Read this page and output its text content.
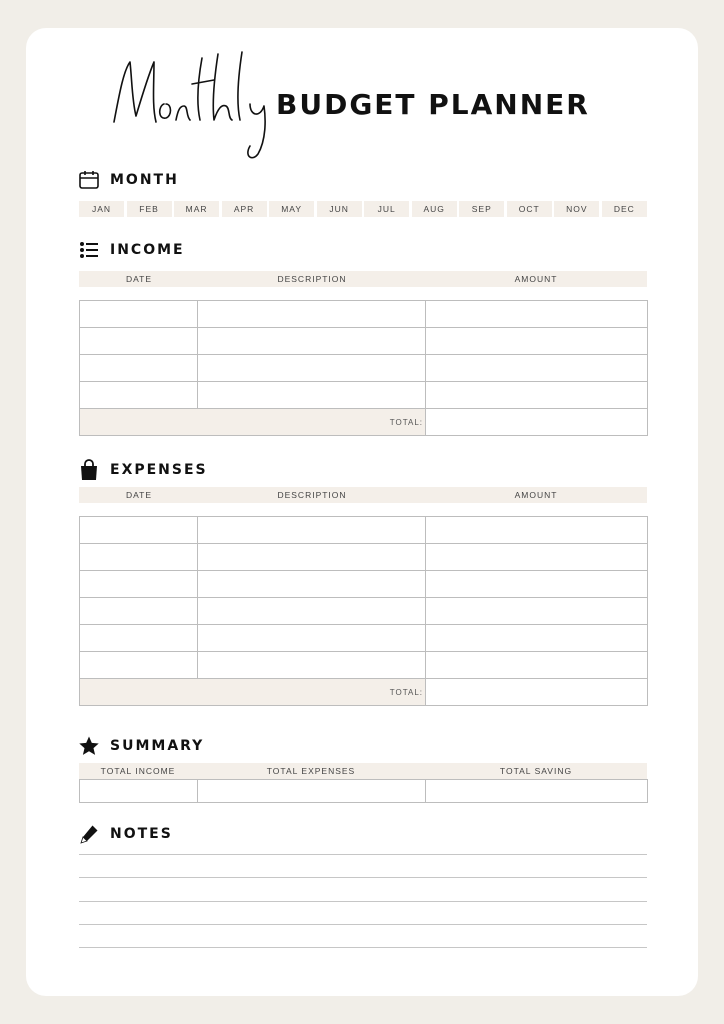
BUDGET PLANNER
MONTH
JAN	FEB	MAR	APR	MAY	JUN	JUL	AUG	SEP	OCT	NOV	DEC
INCOME
DATE	DESCRIPTION	AMOUNT

TOTAL:		
EXPENSES
DATE	DESCRIPTION	AMOUNT

TOTAL:		
SUMMARY
TOTAL INCOME	TOTAL EXPENSES	TOTAL SAVING

NOTES
